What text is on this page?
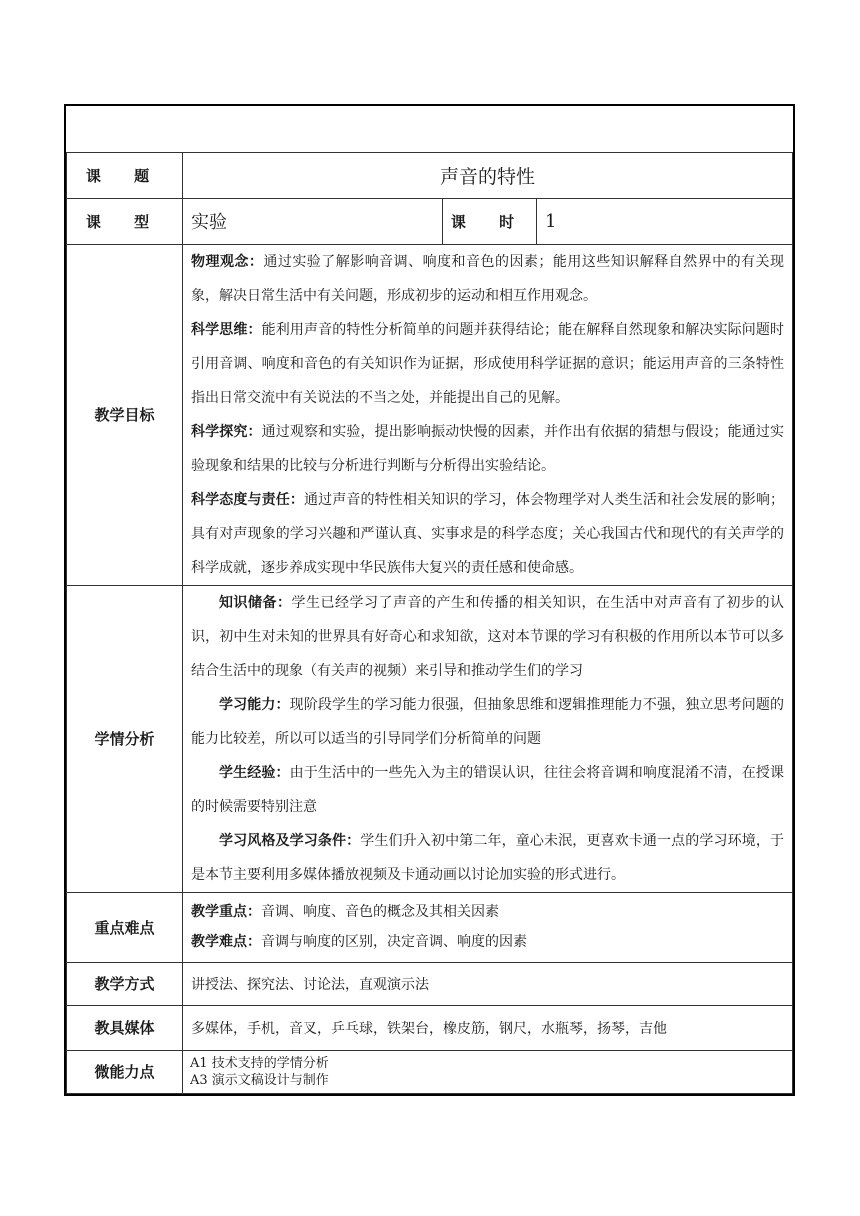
课 题	声音的特性		
课 型	实验	课 时	1
教学目标	物理观念：通过实验了解影响音调、响度和音色的因素；能用这些知识解释自然界中的有关现象，解决日常生活中有关问题，形成初步的运动和相互作用观念。

科学思维：能利用声音的特性分析简单的问题并获得结论；能在解释自然现象和解决实际问题时引用音调、响度和音色的有关知识作为证据，形成使用科学证据的意识；能运用声音的三条特性指出日常交流中有关说法的不当之处，并能提出自己的见解。

科学探究：通过观察和实验，提出影响振动快慢的因素，并作出有依据的猜想与假设；能通过实验现象和结果的比较与分析进行判断与分析得出实验结论。

科学态度与责任：通过声音的特性相关知识的学习，体会物理学对人类生活和社会发展的影响；具有对声现象的学习兴趣和严谨认真、实事求是的科学态度；关心我国古代和现代的有关声学的科学成就，逐步养成实现中华民族伟大复兴的责任感和使命感。		

学情分析	知识储备：学生已经学习了声音的产生和传播的相关知识，在生活中对声音有了初步的认识，初中生对未知的世界具有好奇心和求知欲，这对本节课的学习有积极的作用所以本节可以多结合生活中的现象（有关声的视频）来引导和推动学生们的学习

学习能力：现阶段学生的学习能力很强，但抽象思维和逻辑推理能力不强，独立思考问题的能力比较差，所以可以适当的引导同学们分析简单的问题

学生经验：由于生活中的一些先入为主的错误认识，往往会将音调和响度混淆不清，在授课的时候需要特别注意

学习风格及学习条件：学生们升入初中第二年，童心未泯，更喜欢卡通一点的学习环境，于是本节主要利用多媒体播放视频及卡通动画以讨论加实验的形式进行。		

重点难点	教学重点：音调、响度、音色的概念及其相关因素

教学难点：音调与响度的区别，决定音调、响度的因素		

教学方式	讲授法、探究法、讨论法，直观演示法		
教具媒体	多媒体，手机，音叉，乒乓球，铁架台，橡皮筋，钢尺，水瓶琴，扬琴，吉他		
微能力点	A1 技术支持的学情分析
A3 演示文稿设计与制作		
